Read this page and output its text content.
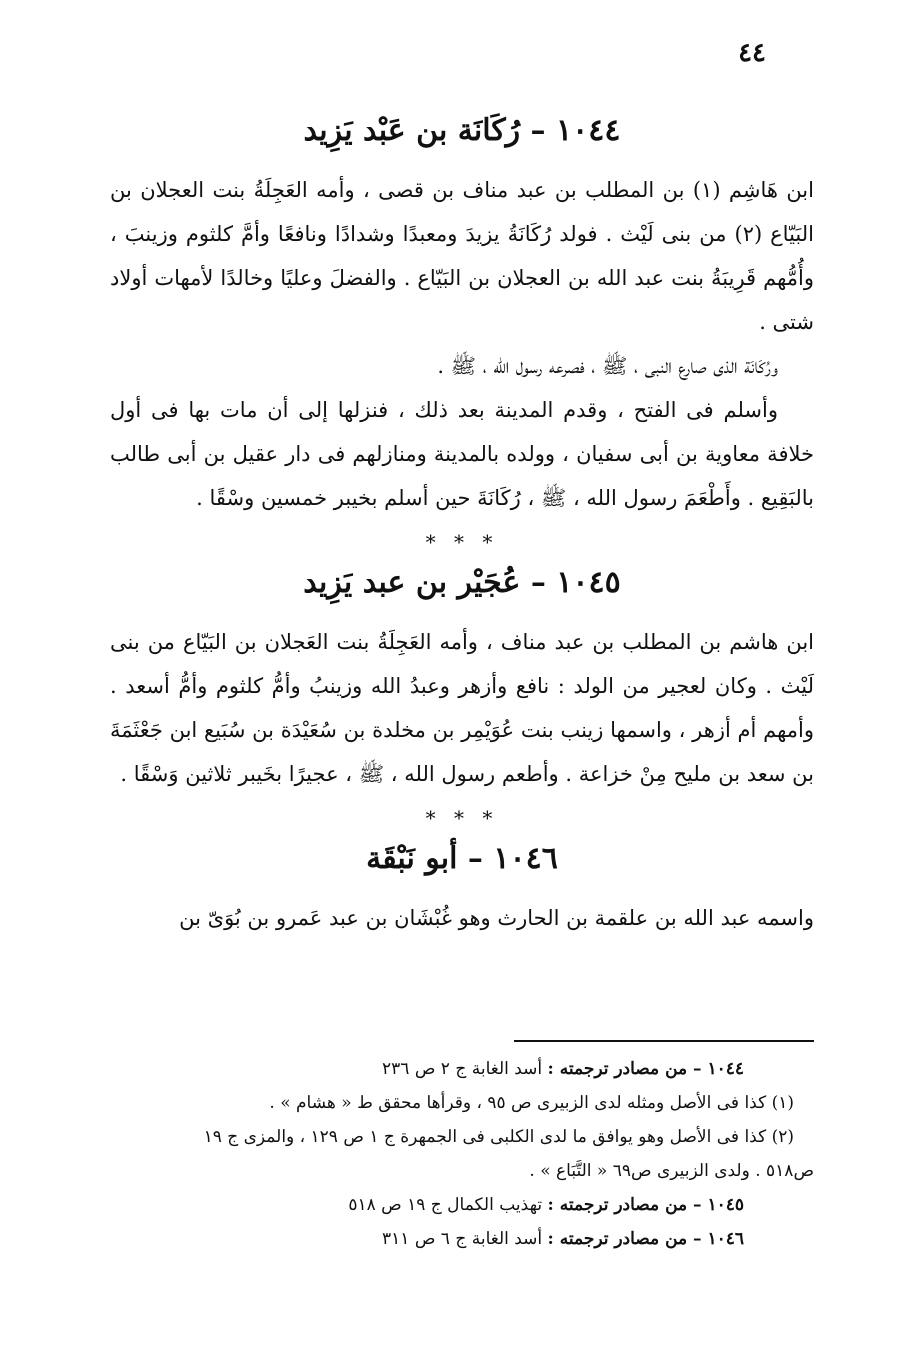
٤٤
١٠٤٤ – رُكَانَة بن عَبْد يَزِيد

ابن هَاشِم (١) بن المطلب بن عبد مناف بن قصى ، وأمه العَجِلَةُ بنت العجلان بن البَيّاع (٢) من بنى لَيْث . فولد رُكَانَةُ يزيدَ ومعبدًا وشدادًا ونافعًا وأمَّ كلثوم وزينبَ ، وأُمُّهم قَرِيبَةُ بنت عبد الله بن العجلان بن البَيّاع . والفضلَ وعليًا وخالدًا لأمهات أولاد شتى .

ورُكَانَة الذى صارع النبى ، ﷺ ، فصرعه رسول الله ، ﷺ .

وأسلم فى الفتح ، وقدم المدينة بعد ذلك ، فنزلها إلى أن مات بها فى أول خلافة معاوية بن أبى سفيان ، وولده بالمدينة ومنازلهم فى دار عقيل بن أبى طالب بالبَقِيع . وأَطْعَمَ رسول الله ، ﷺ ، رُكَانَةَ حين أسلم بخيبر خمسين وسْقًا .

* * *
١٠٤٥ – عُجَيْر بن عبد يَزِيد

ابن هاشم بن المطلب بن عبد مناف ، وأمه العَجِلَةُ بنت العَجلان بن البَيّاع من بنى لَيْث . وكان لعجير من الولد : نافع وأزهر وعبدُ الله وزينبُ وأمُّ كلثوم وأمُّ أسعد . وأمهم أم أزهر ، واسمها زينب بنت عُوَيْمِر بن مخلدة بن سُعَيْدَة بن سُبَيع ابن جَعْثَمَةَ بن سعد بن مليح مِنْ خزاعة . وأطعم رسول الله ، ﷺ ، عجيرًا بخَيبر ثلاثين وَسْقًا .

* * *
١٠٤٦ – أبو نَبْقَة

واسمه عبد الله بن علقمة بن الحارث وهو غُبْشَان بن عبد عَمرو بن بُوَىّ بن

١٠٤٤ – من مصادر ترجمته : أسد الغابة ج ٢ ص ٢٣٦

(١) كذا فى الأصل ومثله لدى الزبيرى ص ٩٥ ، وقرأها محقق ط « هشام » .

(٢) كذا فى الأصل وهو يوافق ما لدى الكلبى فى الجمهرة ج ١ ص ١٢٩ ، والمزى ج ١٩

ص٥١٨ . ولدى الزبيرى ص٦٩ « التَّبَاع » .

١٠٤٥ – من مصادر ترجمته : تهذيب الكمال ج ١٩ ص ٥١٨

١٠٤٦ – من مصادر ترجمته : أسد الغابة ج ٦ ص ٣١١
